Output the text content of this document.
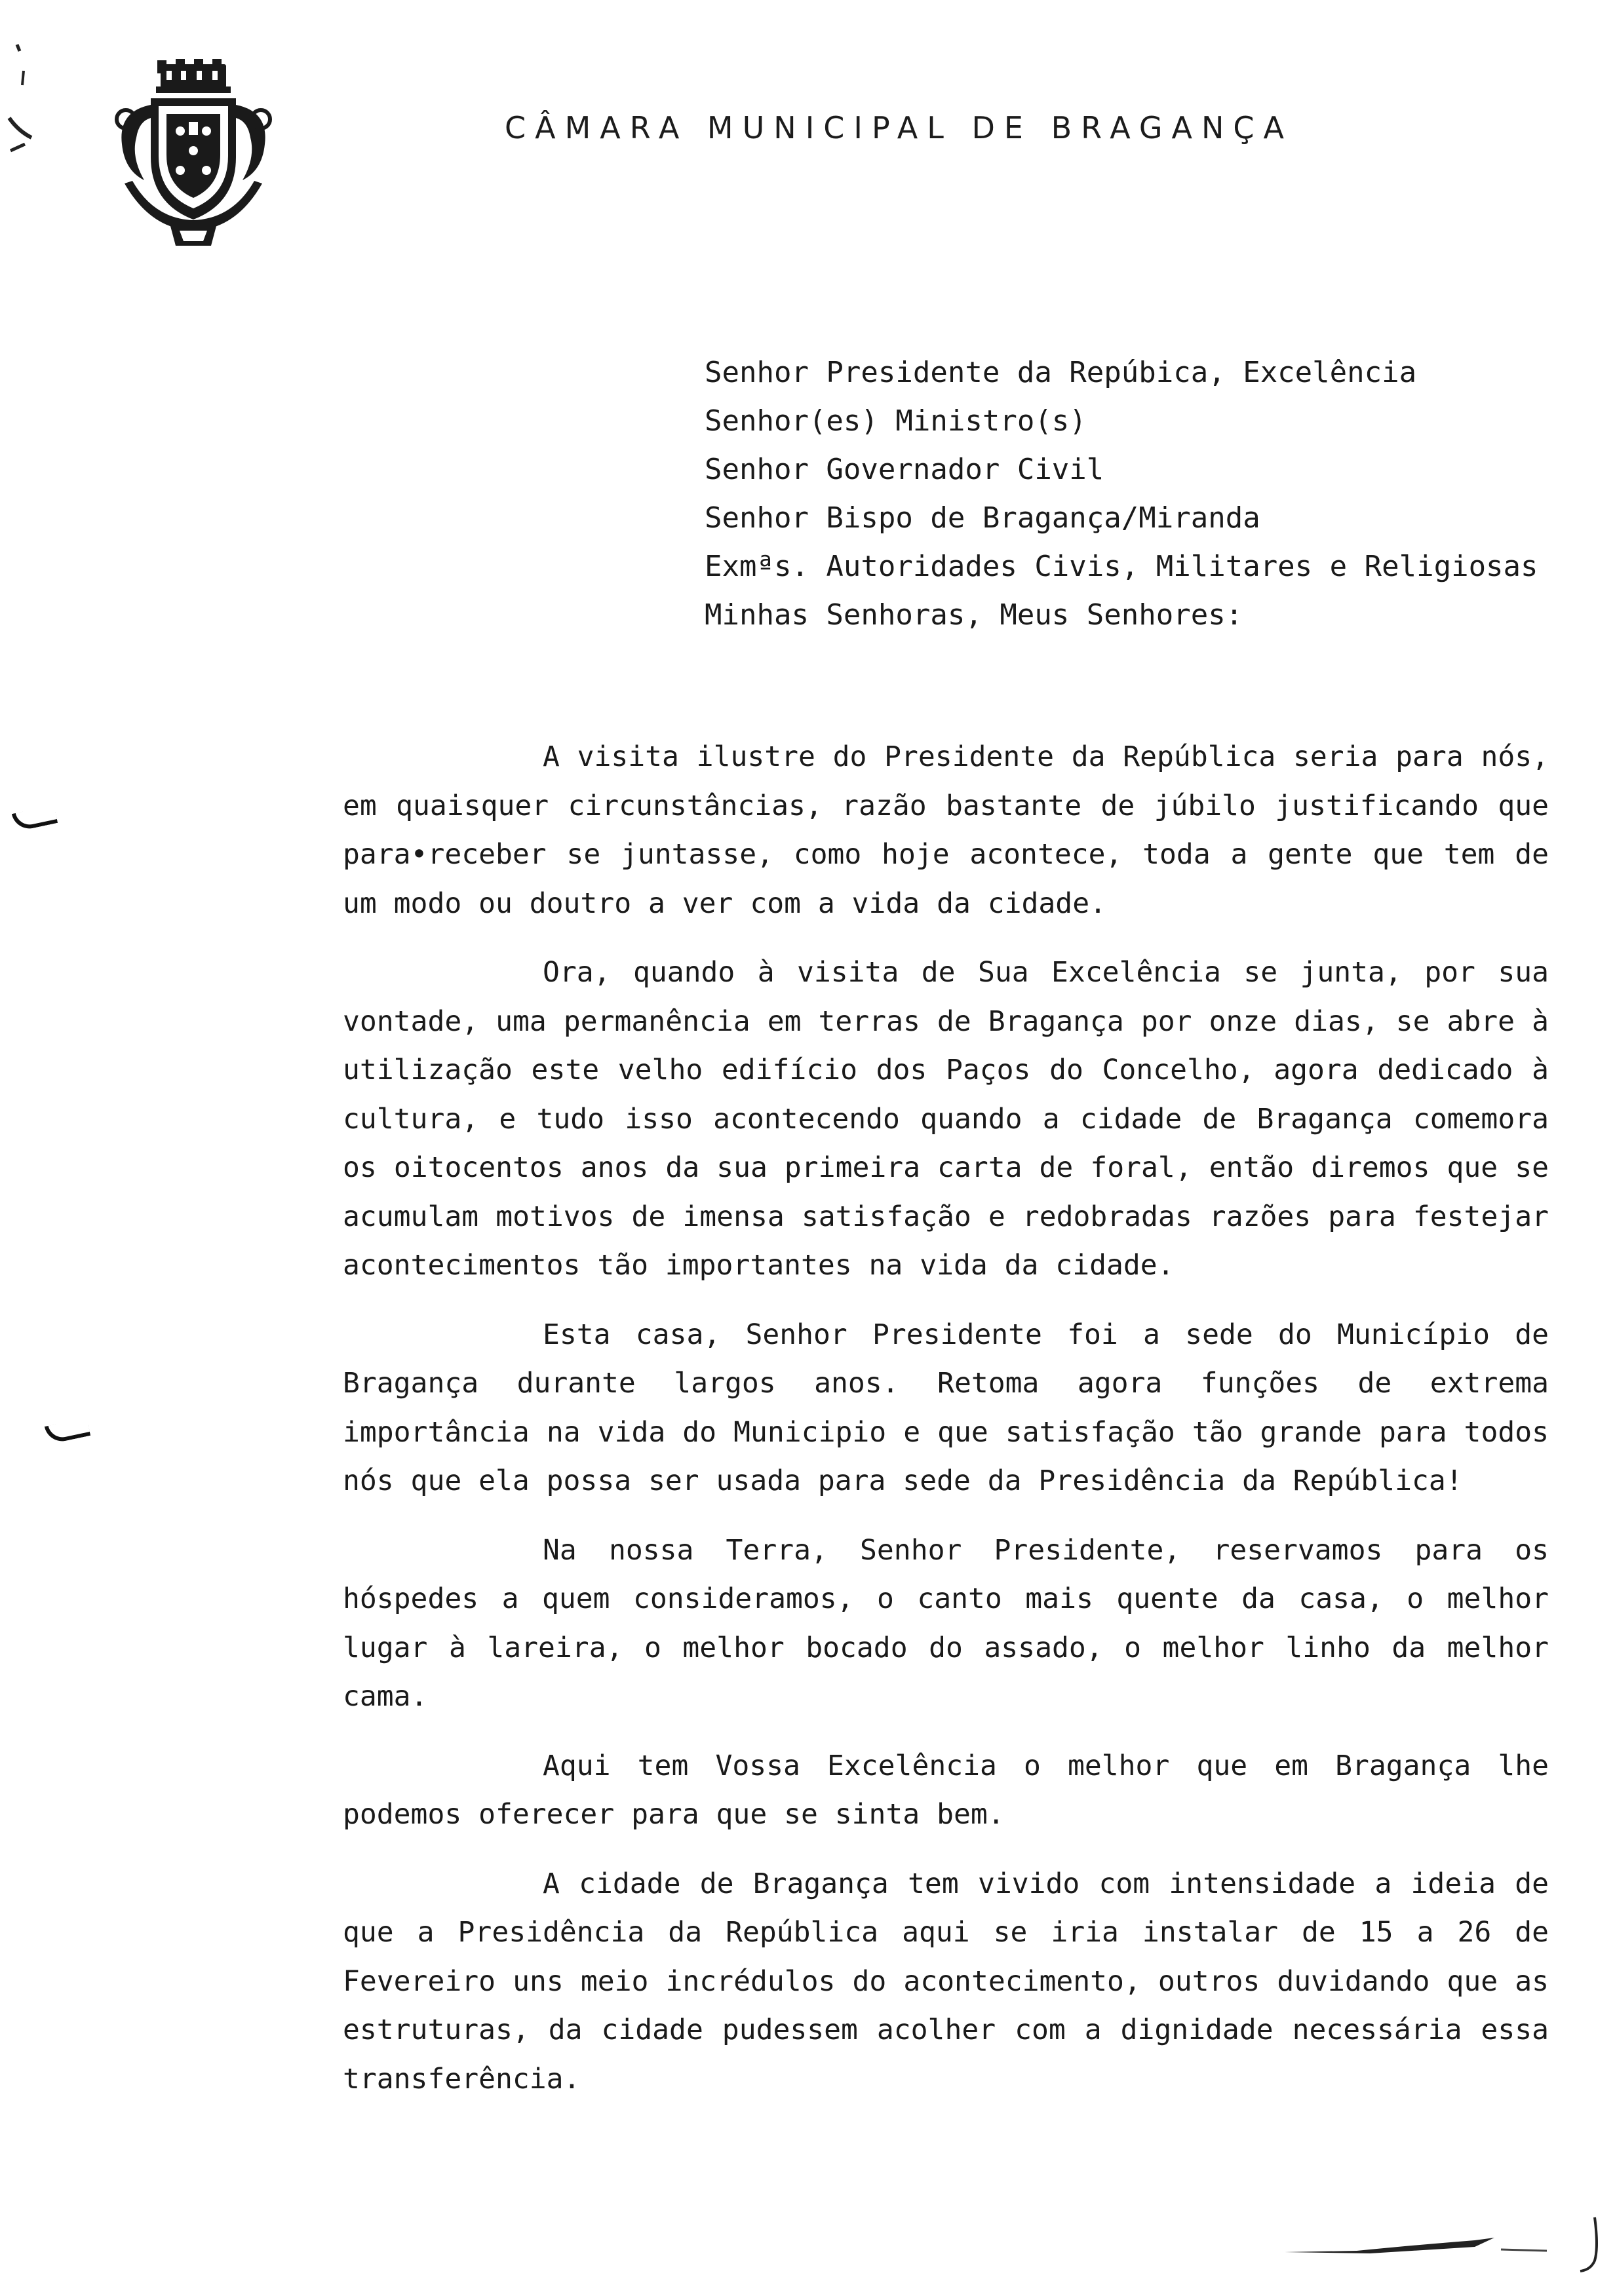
CÂMARA MUNICIPAL DE BRAGANÇA
Senhor Presidente da Repúbica, Excelência
Senhor(es) Ministro(s)
Senhor Governador Civil
Senhor Bispo de Bragança/Miranda
Exmªs. Autoridades Civis, Militares e Religiosas
Minhas Senhoras, Meus Senhores:

A visita ilustre do Presidente da República seria para nós, em quaisquer circunstâncias, razão bastante de júbilo justificando que para•receber se juntasse, como hoje acontece, toda a gente que tem de um modo ou doutro a ver com a vida da cidade.

Ora, quando à visita de Sua Excelência se junta, por sua vontade, uma permanência em terras de Bragança por onze dias, se abre à utilização este velho edifício dos Paços do Concelho, agora dedicado à cultura, e tudo isso acontecendo quando a cidade de Bragança comemora os oitocentos anos da sua primeira carta de foral, então diremos que se acumulam motivos de imensa satisfação e redobradas razões para festejar acontecimentos tão importantes na vida da cidade.

Esta casa, Senhor Presidente foi a sede do Município de Bragança durante largos anos. Retoma agora funções de extrema importância na vida do Municipio e que satisfação tão grande para todos nós que ela possa ser usada para sede da Presidência da República!

Na nossa Terra, Senhor Presidente, reservamos para os hóspedes a quem consideramos, o canto mais quente da casa, o melhor lugar à lareira, o melhor bocado do assado, o melhor linho da melhor cama.

Aqui tem Vossa Excelência o melhor que em Bragança lhe podemos oferecer para que se sinta bem.

A cidade de Bragança tem vivido com intensidade a ideia de que a Presidência da República aqui se iria instalar de 15 a 26 de Fevereiro uns meio incrédulos do acontecimento, outros duvidando que as estruturas, da cidade pudessem acolher com a dignidade necessária essa transferência.
